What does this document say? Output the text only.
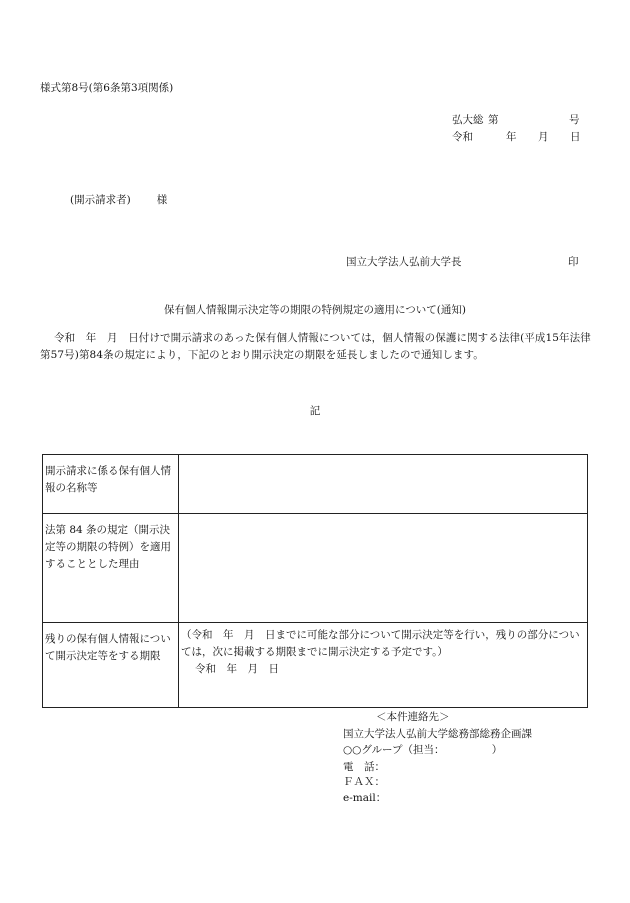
様式第8号(第6条第3項関係)
弘大総 第	号
令和	年 月 日
(開示請求者) 様
国立大学法人弘前大学長	印
保有個人情報開示決定等の期限の特例規定の適用について(通知)
令和　年　月　日付けで開示請求のあった保有個人情報については，個人情報の保護に関する法律(平成15年法律第57号)第84条の規定により，下記のとおり開示決定の期限を延長しましたので通知します。
記
開示請求に係る保有個人情報の名称等	
法第 84 条の規定（開示決定等の期限の特例）を適用することとした理由	
残りの保有個人情報について開示決定等をする期限	（令和　年　月　日までに可能な部分について開示決定等を行い，残りの部分については，次に掲載する期限までに開示決定する予定です。）
令和　年　月　日
＜本件連絡先＞
国立大学法人弘前大学総務部総務企画課
○○グループ（担当：　　　　　）
電　話：
ＦＡＸ：
e-mail：
